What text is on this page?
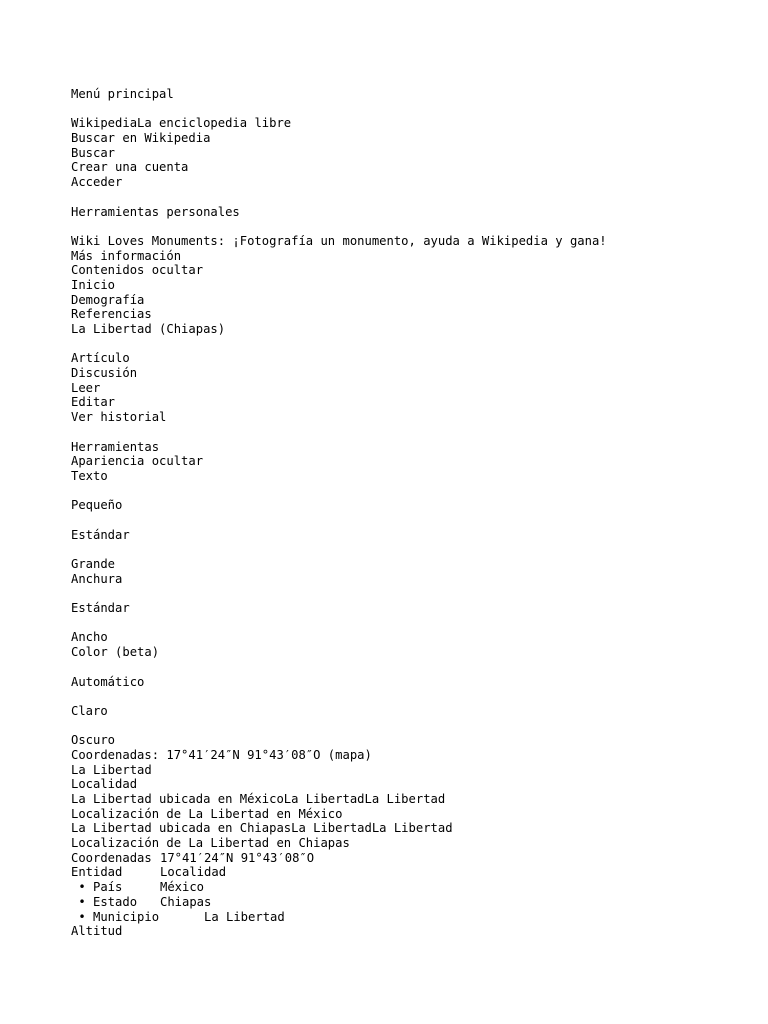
Menú principal
WikipediaLa enciclopedia libre
Buscar en Wikipedia
Buscar
Crear una cuenta
Acceder
Herramientas personales
Wiki Loves Monuments: ¡Fotografía un monumento, ayuda a Wikipedia y gana!
Más información
Contenidos ocultar
Inicio
Demografía
Referencias
La Libertad (Chiapas)
Artículo
Discusión
Leer
Editar
Ver historial
Herramientas
Apariencia ocultar
Texto
Pequeño
Estándar
Grande
Anchura
Estándar
Ancho
Color (beta)
Automático
Claro
Oscuro
Coordenadas: 17°41′24″N 91°43′08″O (mapa)
La Libertad
Localidad
La Libertad ubicada en MéxicoLa LibertadLa Libertad
Localización de La Libertad en México
La Libertad ubicada en ChiapasLa LibertadLa Libertad
Localización de La Libertad en Chiapas
Coordenadas 17°41′24″N 91°43′08″O
Entidad	Localidad
• País	México
• Estado Chiapas
• Municipio	La Libertad
Altitud
